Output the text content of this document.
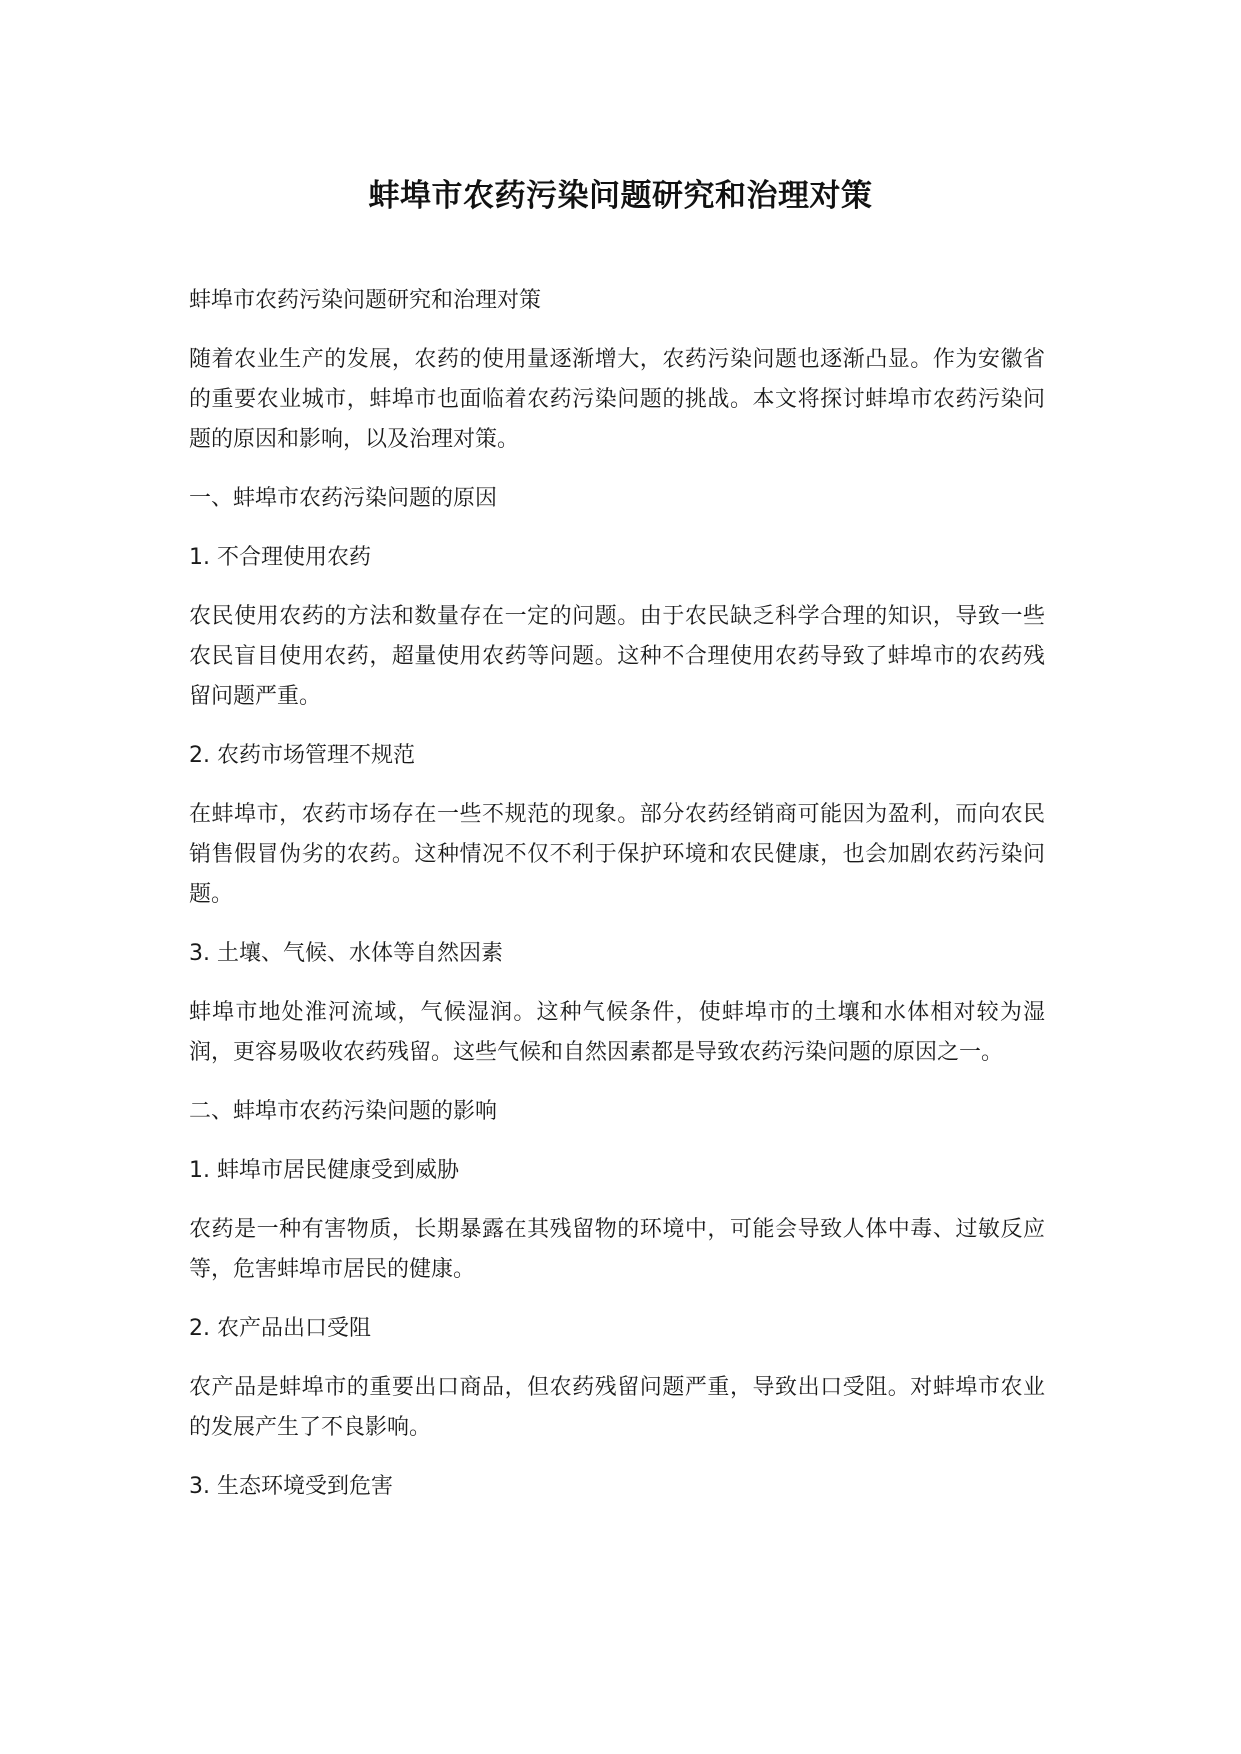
蚌埠市农药污染问题研究和治理对策

蚌埠市农药污染问题研究和治理对策

随着农业生产的发展，农药的使用量逐渐增大，农药污染问题也逐渐凸显。作为安徽省的重要农业城市，蚌埠市也面临着农药污染问题的挑战。本文将探讨蚌埠市农药污染问题的原因和影响，以及治理对策。

一、蚌埠市农药污染问题的原因

1. 不合理使用农药

农民使用农药的方法和数量存在一定的问题。由于农民缺乏科学合理的知识，导致一些农民盲目使用农药，超量使用农药等问题。这种不合理使用农药导致了蚌埠市的农药残留问题严重。

2. 农药市场管理不规范

在蚌埠市，农药市场存在一些不规范的现象。部分农药经销商可能因为盈利，而向农民销售假冒伪劣的农药。这种情况不仅不利于保护环境和农民健康，也会加剧农药污染问题。

3. 土壤、气候、水体等自然因素

蚌埠市地处淮河流域，气候湿润。这种气候条件，使蚌埠市的土壤和水体相对较为湿润，更容易吸收农药残留。这些气候和自然因素都是导致农药污染问题的原因之一。

二、蚌埠市农药污染问题的影响

1. 蚌埠市居民健康受到威胁

农药是一种有害物质，长期暴露在其残留物的环境中，可能会导致人体中毒、过敏反应等，危害蚌埠市居民的健康。

2. 农产品出口受阻

农产品是蚌埠市的重要出口商品，但农药残留问题严重，导致出口受阻。对蚌埠市农业的发展产生了不良影响。

3. 生态环境受到危害
